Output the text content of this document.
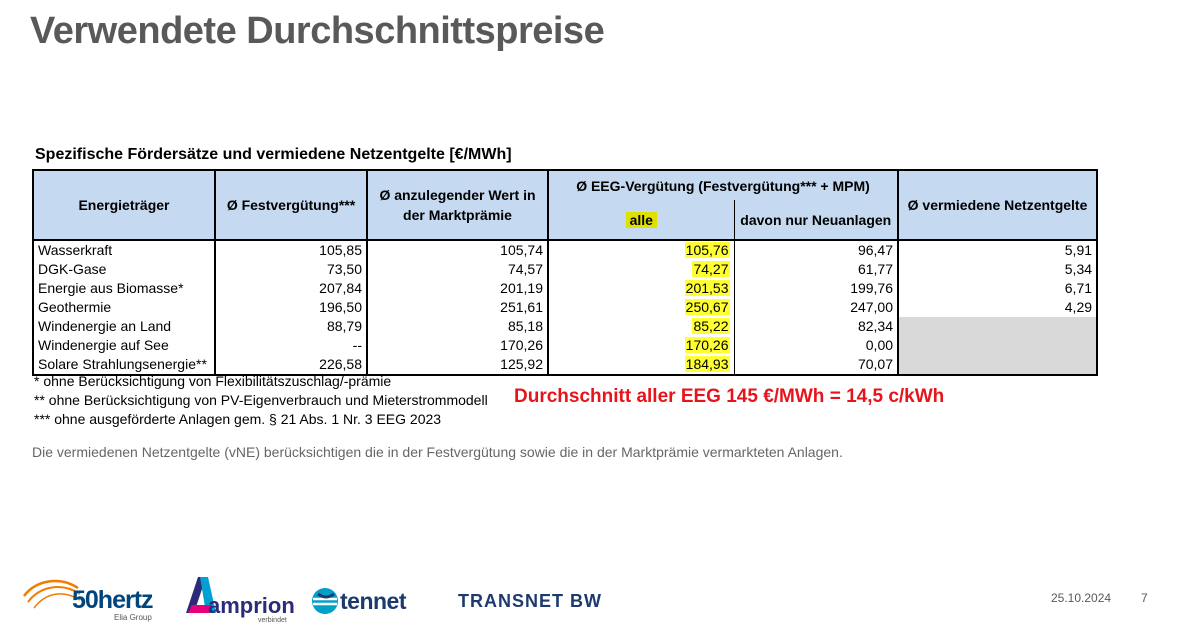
Verwendete Durchschnittspreise
Spezifische Fördersätze und vermiedene Netzentgelte [€/MWh]
Energieträger	Ø Festvergütung***	Ø anzulegender Wert in der Marktprämie	Ø EEG-Vergütung (Festvergütung*** + MPM)		Ø vermiedene Netzentgelte
			alle	davon nur Neuanlagen	
Wasserkraft	105,85	105,74	105,76	96,47	5,91
DGK-Gase	73,50	74,57	74,27	61,77	5,34
Energie aus Biomasse*	207,84	201,19	201,53	199,76	6,71
Geothermie	196,50	251,61	250,67	247,00	4,29
Windenergie an Land	88,79	85,18	85,22	82,34	
Windenergie auf See	--	170,26	170,26	0,00	
Solare Strahlungsenergie**	226,58	125,92	184,93	70,07	
* ohne Berücksichtigung von Flexibilitätszuschlag/-prämie
** ohne Berücksichtigung von PV-Eigenverbrauch und Mieterstrommodell
*** ohne ausgeförderte Anlagen gem. § 21 Abs. 1 Nr. 3 EEG 2023
Durchschnitt aller EEG 145 €/MWh = 14,5 c/kWh
Die vermiedenen Netzentgelte (vNE) berücksichtigen die in der Festvergütung sowie die in der Marktprämie vermarkteten Anlagen.
50hertz
Elia Group	amprion
verbindet
tennet	TRANSNET BW	25.10.2024 7
